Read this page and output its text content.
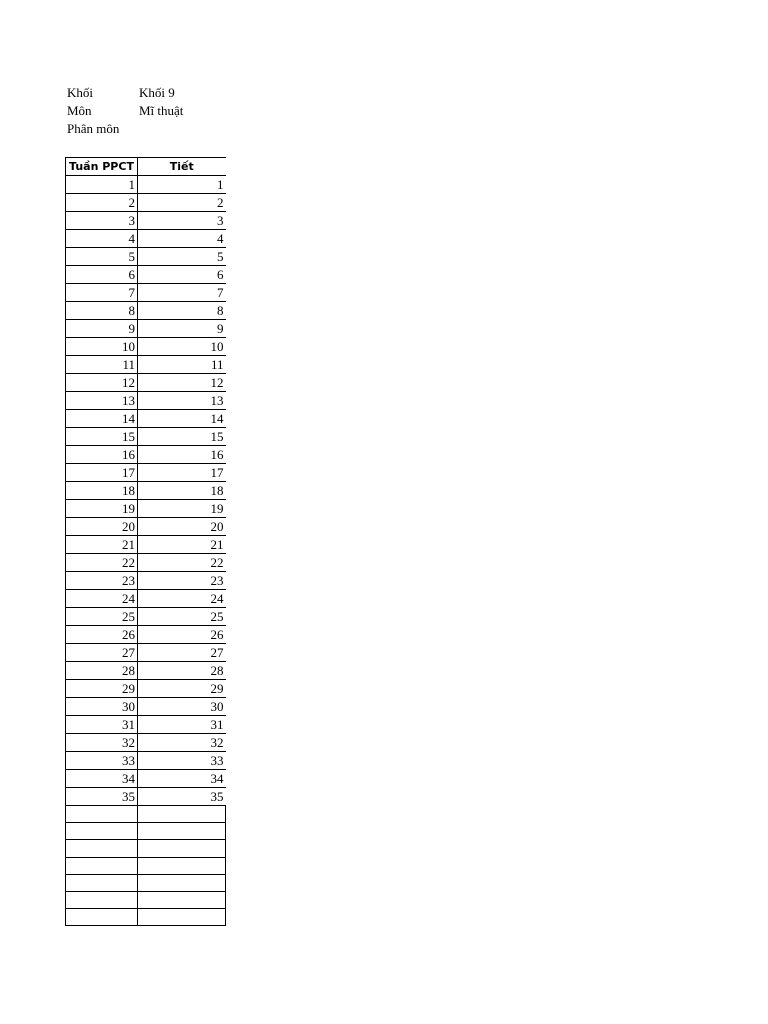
Khối	Khối 9
Môn	Mĩ thuật
Phân môn
Tuần PPCT	Tiết
1	1
2	2
3	3
4	4
5	5
6	6
7	7
8	8
9	9
10	10
11	11
12	12
13	13
14	14
15	15
16	16
17	17
18	18
19	19
20	20
21	21
22	22
23	23
24	24
25	25
26	26
27	27
28	28
29	29
30	30
31	31
32	32
33	33
34	34
35	35
